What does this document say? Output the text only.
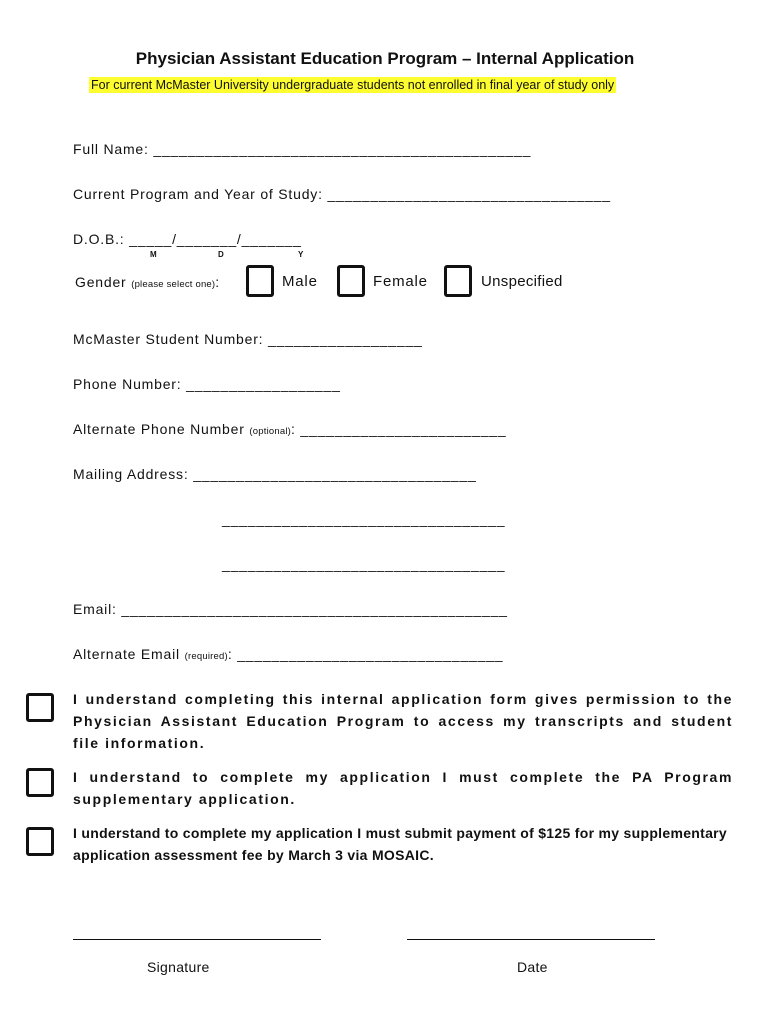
Physician Assistant Education Program – Internal Application
For current McMaster University undergraduate students not enrolled in final year of study only
Full Name: ____________________________________________
Current Program and Year of Study: _________________________________
D.O.B.: _____/_______/_______
M	D	Y
Gender (please select one):	Male	Female	Unspecified
McMaster Student Number: __________________
Phone Number: __________________
Alternate Phone Number (optional): ________________________
Mailing Address: _________________________________
_________________________________
_________________________________
Email: _____________________________________________
Alternate Email (required): _______________________________
I understand completing this internal application form gives permission to the Physician Assistant Education Program to access my transcripts and student file information.
I understand to complete my application I must complete the PA Program supplementary application.
I understand to complete my application I must submit payment of $125 for my supplementary application assessment fee by March 3 via MOSAIC.
Signature	Date
